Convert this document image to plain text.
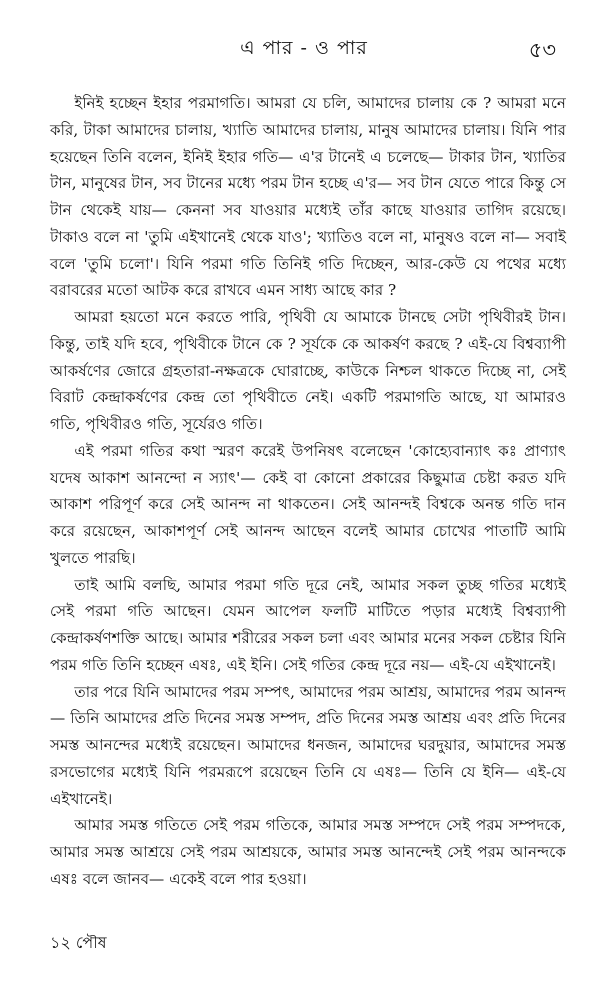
এ পার - ও পার	৫৩

ইনিই হচ্ছেন ইহার পরমাগতি। আমরা যে চলি, আমাদের চালায় কে ? আমরা মনে করি, টাকা আমাদের চালায়, খ্যাতি আমাদের চালায়, মানুষ আমাদের চালায়। যিনি পার হয়েছেন তিনি বলেন, ইনিই ইহার গতি— এ'র টানেই এ চলেছে— টাকার টান, খ্যাতির টান, মানুষের টান, সব টানের মধ্যে পরম টান হচ্ছে এ'র— সব টান যেতে পারে কিন্তু সে টান থেকেই যায়— কেননা সব যাওয়ার মধ্যেই তাঁর কাছে যাওয়ার তাগিদ রয়েছে। টাকাও বলে না 'তুমি এইখানেই থেকে যাও'; খ্যাতিও বলে না, মানুষও বলে না— সবাই বলে 'তুমি চলো'। যিনি পরমা গতি তিনিই গতি দিচ্ছেন, আর-কেউ যে পথের মধ্যে বরাবরের মতো আটক করে রাখবে এমন সাধ্য আছে কার ?

আমরা হয়তো মনে করতে পারি, পৃথিবী যে আমাকে টানছে সেটা পৃথিবীরই টান। কিন্তু, তাই যদি হবে, পৃথিবীকে টানে কে ? সূর্যকে কে আকর্ষণ করছে ? এই-যে বিশ্বব্যাপী আকর্ষণের জোরে গ্রহতারা-নক্ষত্রকে ঘোরাচ্ছে, কাউকে নিশ্চল থাকতে দিচ্ছে না, সেই বিরাট কেন্দ্রাকর্ষণের কেন্দ্র তো পৃথিবীতে নেই। একটি পরমাগতি আছে, যা আমারও গতি, পৃথিবীরও গতি, সূর্যেরও গতি।

এই পরমা গতির কথা স্মরণ করেই উপনিষৎ বলেছেন 'কোহ্যেবান্যাৎ কঃ প্রাণ্যাৎ যদেষ আকাশ আনন্দো ন স্যাৎ'— কেই বা কোনো প্রকারের কিছুমাত্র চেষ্টা করত যদি আকাশ পরিপূর্ণ করে সেই আনন্দ না থাকতেন। সেই আনন্দই বিশ্বকে অনন্ত গতি দান করে রয়েছেন, আকাশপূর্ণ সেই আনন্দ আছেন বলেই আমার চোখের পাতাটি আমি খুলতে পারছি।

তাই আমি বলছি, আমার পরমা গতি দূরে নেই, আমার সকল তুচ্ছ গতির মধ্যেই সেই পরমা গতি আছেন। যেমন আপেল ফলটি মাটিতে পড়ার মধ্যেই বিশ্বব্যাপী কেন্দ্রাকর্ষণশক্তি আছে। আমার শরীরের সকল চলা এবং আমার মনের সকল চেষ্টার যিনি পরম গতি তিনি হচ্ছেন এষঃ, এই ইনি। সেই গতির কেন্দ্র দূরে নয়— এই-যে এইখানেই।

তার পরে যিনি আমাদের পরম সম্পৎ, আমাদের পরম আশ্রয়, আমাদের পরম আনন্দ— তিনি আমাদের প্রতি দিনের সমস্ত সম্পদ, প্রতি দিনের সমস্ত আশ্রয় এবং প্রতি দিনের সমস্ত আনন্দের মধ্যেই রয়েছেন। আমাদের ধনজন, আমাদের ঘরদুয়ার, আমাদের সমস্ত রসভোগের মধ্যেই যিনি পরমরূপে রয়েছেন তিনি যে এষঃ— তিনি যে ইনি— এই-যে এইখানেই।

আমার সমস্ত গতিতে সেই পরম গতিকে, আমার সমস্ত সম্পদে সেই পরম সম্পদকে, আমার সমস্ত আশ্রয়ে সেই পরম আশ্রয়কে, আমার সমস্ত আনন্দেই সেই পরম আনন্দকে এষঃ বলে জানব— একেই বলে পার হওয়া।

১২ পৌষ
